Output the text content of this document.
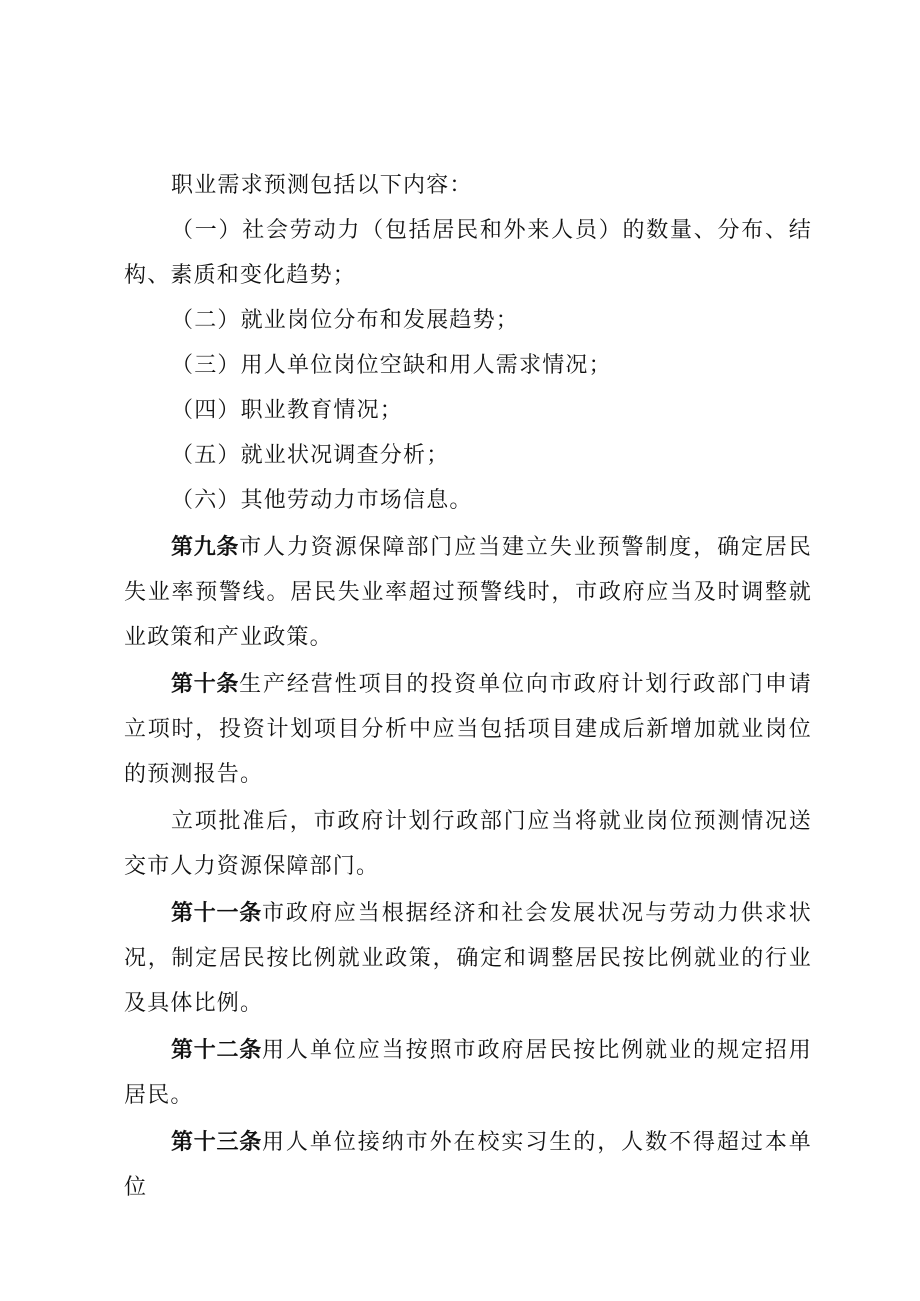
职业需求预测包括以下内容：

（一）社会劳动力（包括居民和外来人员）的数量、分布、结构、素质和变化趋势；

（二）就业岗位分布和发展趋势；

（三）用人单位岗位空缺和用人需求情况；

（四）职业教育情况；

（五）就业状况调查分析；

（六）其他劳动力市场信息。

第九条市人力资源保障部门应当建立失业预警制度，确定居民失业率预警线。居民失业率超过预警线时，市政府应当及时调整就业政策和产业政策。

第十条生产经营性项目的投资单位向市政府计划行政部门申请立项时，投资计划项目分析中应当包括项目建成后新增加就业岗位的预测报告。

立项批准后，市政府计划行政部门应当将就业岗位预测情况送交市人力资源保障部门。

第十一条市政府应当根据经济和社会发展状况与劳动力供求状况，制定居民按比例就业政策，确定和调整居民按比例就业的行业及具体比例。

第十二条用人单位应当按照市政府居民按比例就业的规定招用居民。

第十三条用人单位接纳市外在校实习生的，人数不得超过本单位
